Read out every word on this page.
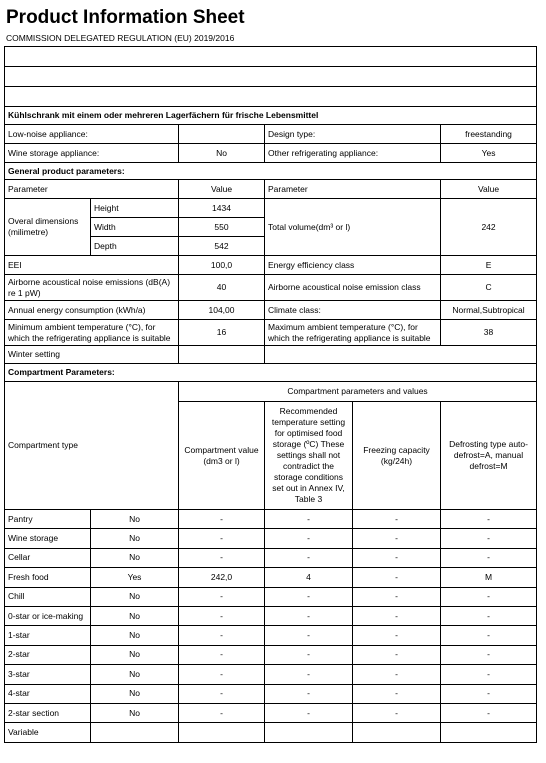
Product Information Sheet
COMMISSION DELEGATED REGULATION (EU) 2019/2016

Kühlschrank mit einem oder mehreren Lagerfächern für frische Lebensmittel					
Low-noise appliance:			Design type:		freestanding
Wine storage appliance:		No	Other refrigerating appliance:		Yes
General product parameters:					
Parameter		Value	Parameter		Value
Overal dimensions (milimetre)	Height	1434	Total volume(dm³ or l)		242
	Width	550			
	Depth	542			
EEI		100,0	Energy efficiency class		E
Airborne acoustical noise emissions (dB(A) re 1 pW)		40	Airborne acoustical noise emission class		C
Annual energy consumption (kWh/a)		104,00	Climate class:		Normal,Subtropical
Minimum ambient temperature (°C), for which the refrigerating appliance is suitable		16	Maximum ambient temperature (°C), for which the refrigerating appliance is suitable		38
Winter setting					
Compartment Parameters:					
Compartment type		Compartment parameters and values			
		Compartment value (dm3 or l)	Recommended temperature setting for optimised food storage (ºC) These settings shall not contradict the storage conditions set out in Annex IV, Table 3	Freezing capacity (kg/24h)	Defrosting type auto-defrost=A, manual defrost=M
Pantry	No	-	-	-	-
Wine storage	No	-	-	-	-
Cellar	No	-	-	-	-
Fresh food	Yes	242,0	4	-	M
Chill	No	-	-	-	-
0-star or ice-making	No	-	-	-	-
1-star	No	-	-	-	-
2-star	No	-	-	-	-
3-star	No	-	-	-	-
4-star	No	-	-	-	-
2-star section	No	-	-	-	-
Variable					
